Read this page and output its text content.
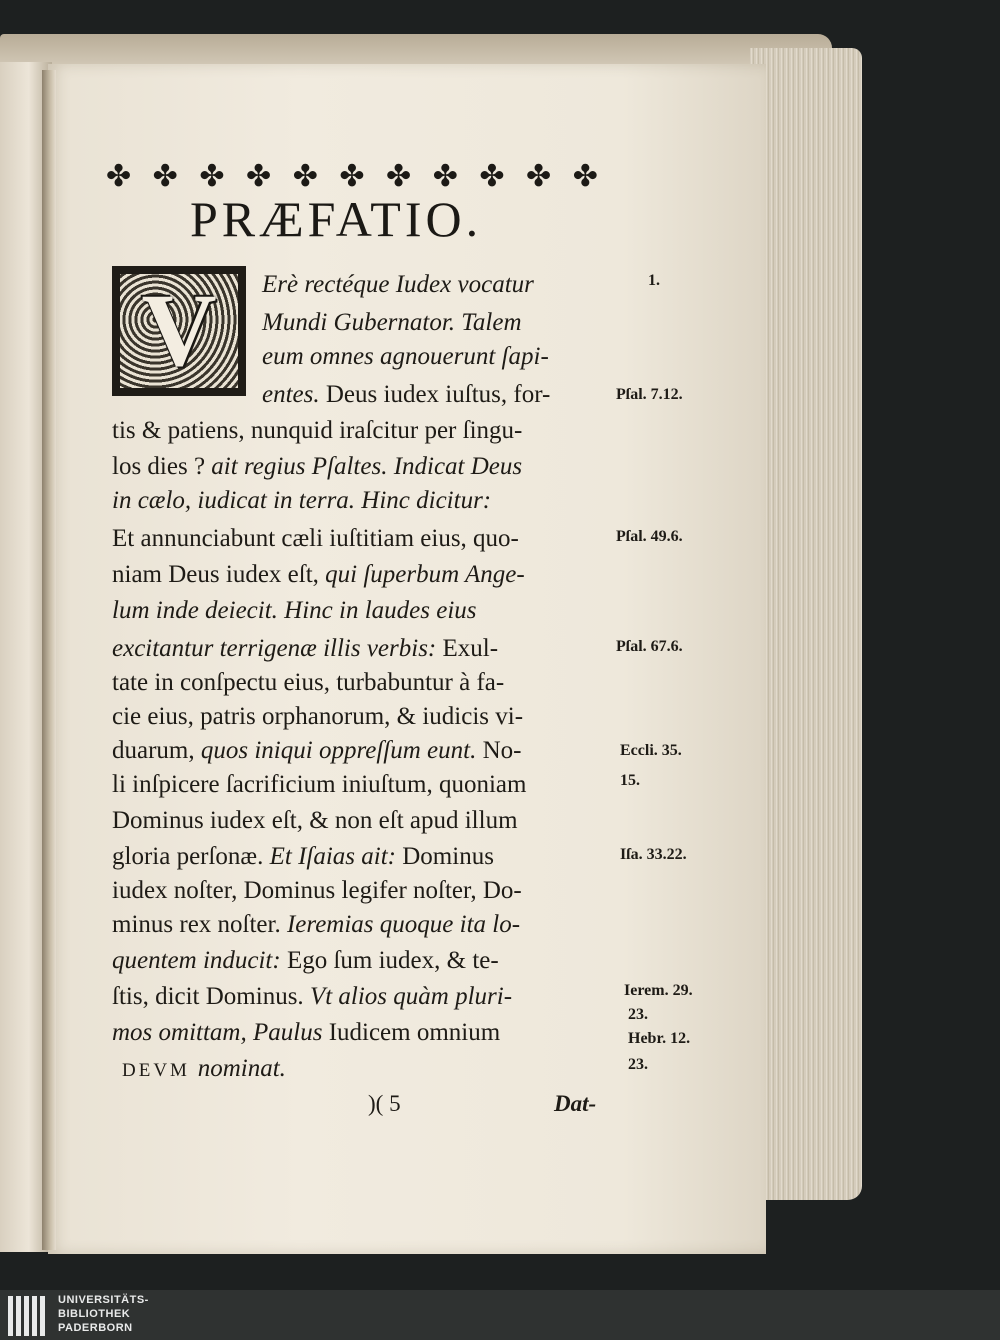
✤ ✤ ✤ ✤ ✤ ✤ ✤ ✤ ✤ ✤ ✤
PRÆFATIO.
V Erè rectéque Iudex vocatur
Mundi Gubernator. Talem
eum omnes agnouerunt ſapi-
entes. Deus iudex iuſtus, for-
tis & patiens, nunquid iraſcitur per ſingu-
los dies ? ait regius Pſaltes. Indicat Deus
in cælo, iudicat in terra. Hinc dicitur:
Et annunciabunt cæli iuſtitiam eius, quo-
niam Deus iudex eſt, qui ſuperbum Ange-
lum inde deiecit. Hinc in laudes eius
excitantur terrigenæ illis verbis: Exul-
tate in conſpectu eius, turbabuntur à fa-
cie eius, patris orphanorum, & iudicis vi-
duarum, quos iniqui oppreſſum eunt. No-
li inſpicere ſacrificium iniuſtum, quoniam
Dominus iudex eſt, & non eſt apud illum
gloria perſonæ. Et Iſaias ait: Dominus
iudex noſter, Dominus legifer noſter, Do-
minus rex noſter. Ieremias quoque ita lo-
quentem inducit: Ego ſum iudex, & te-
ſtis, dicit Dominus. Vt alios quàm pluri-
mos omittam, Paulus Iudicem omnium
DEVM nominat.
1.
Pſal. 7.12.
Pſal. 49.6.
Pſal. 67.6.
Eccli. 35.
15.
Iſa. 33.22.
Ierem. 29.
23.
Hebr. 12.
23.
)( 5	Dat-
UNIVERSITÄTS-
BIBLIOTHEK
PADERBORN
